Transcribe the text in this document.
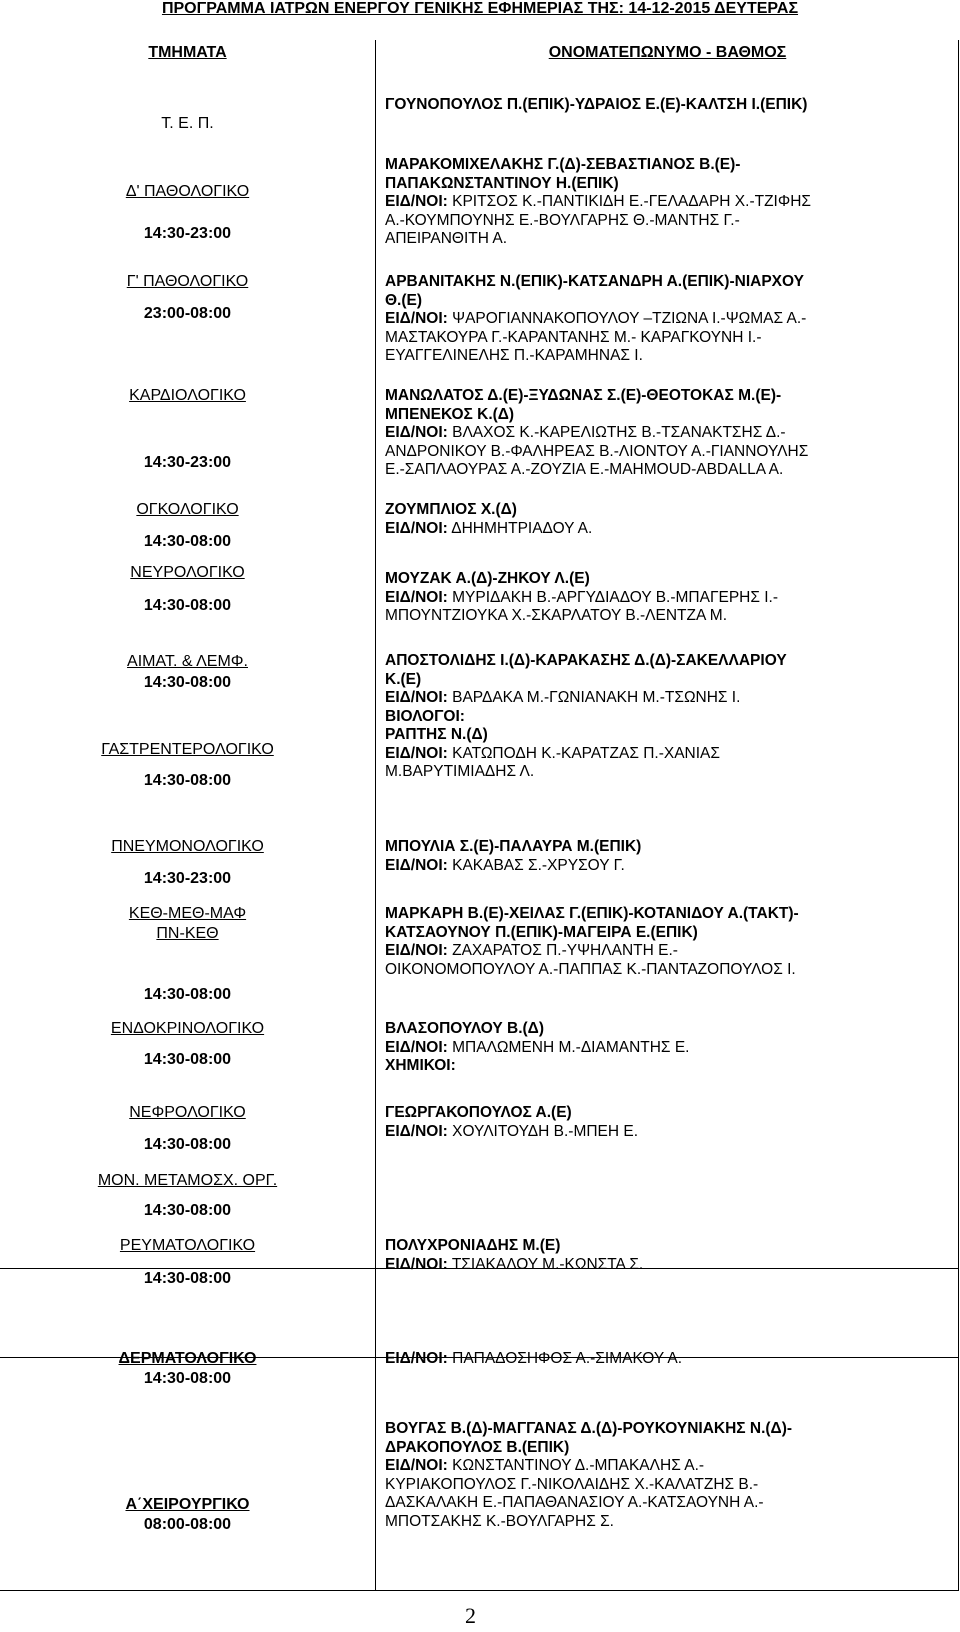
ΠΡΟΓΡΑΜΜΑ ΙΑΤΡΩΝ ΕΝΕΡΓΟΥ ΓΕΝΙΚΗΣ ΕΦΗΜΕΡΙΑΣ ΤΗΣ: 14-12-2015 ΔΕΥΤΕΡΑΣ
ΤΜΗΜΑΤΑ	ΟΝΟΜΑΤΕΠΩΝΥΜΟ - ΒΑΘΜΟΣ
Τ. Ε. Π.
Δ' ΠΑΘΟΛΟΓΙΚΟ
14:30-23:00
Γ' ΠΑΘΟΛΟΓΙΚΟ
23:00-08:00
ΚΑΡΔΙΟΛΟΓΙΚΟ
14:30-23:00
ΟΓΚΟΛΟΓΙΚΟ
14:30-08:00
ΝΕΥΡΟΛΟΓΙΚΟ
14:30-08:00
ΑΙΜΑΤ. & ΛΕΜΦ.
14:30-08:00
ΓΑΣΤΡΕΝΤΕΡΟΛΟΓΙΚΟ
14:30-08:00
ΠΝΕΥΜΟΝΟΛΟΓΙΚΟ
14:30-23:00
ΚΕΘ-ΜΕΘ-ΜΑΦ
ΠΝ-ΚΕΘ
14:30-08:00
ΕΝΔΟΚΡΙΝΟΛΟΓΙΚΟ
14:30-08:00
ΝΕΦΡΟΛΟΓΙΚΟ
14:30-08:00
ΜΟΝ. ΜΕΤΑΜΟΣΧ. ΟΡΓ.
14:30-08:00
ΡΕΥΜΑΤΟΛΟΓΙΚΟ
14:30-08:00
ΔΕΡΜΑΤΟΛΟΓΙΚΟ
14:30-08:00
Α΄ΧΕΙΡΟΥΡΓΙΚΟ
08:00-08:00
ΓΟΥΝΟΠΟΥΛΟΣ Π.(ΕΠΙΚ)-ΥΔΡΑΙΟΣ Ε.(Ε)-ΚΑΛΤΣΗ Ι.(ΕΠΙΚ)
ΜΑΡΑΚΟΜΙΧΕΛΑΚΗΣ Γ.(Δ)-ΣΕΒΑΣΤΙΑΝΟΣ Β.(Ε)-
ΠΑΠΑΚΩΝΣΤΑΝΤΙΝΟΥ Η.(ΕΠΙΚ)
ΕΙΔ/ΝΟΙ: ΚΡΙΤΣΟΣ Κ.-ΠΑΝΤΙΚΙΔΗ Ε.-ΓΕΛΑΔΑΡΗ Χ.-ΤΖΙΦΗΣ
Α.-ΚΟΥΜΠΟΥΝΗΣ Ε.-ΒΟΥΛΓΑΡΗΣ Θ.-ΜΑΝΤΗΣ Γ.-
ΑΠΕΙΡΑΝΘΙΤΗ Α.
ΑΡΒΑΝΙΤΑΚΗΣ Ν.(ΕΠΙΚ)-ΚΑΤΣΑΝΔΡΗ Α.(ΕΠΙΚ)-ΝΙΑΡΧΟΥ
Θ.(Ε)
ΕΙΔ/ΝΟΙ: ΨΑΡΟΓΙΑΝΝΑΚΟΠΟΥΛΟΥ –ΤΖΙΩΝΑ Ι.-ΨΩΜΑΣ Α.-
ΜΑΣΤΑΚΟΥΡΑ Γ.-ΚΑΡΑΝΤΑΝΗΣ Μ.- ΚΑΡΑΓΚΟΥΝΗ Ι.-
ΕΥΑΓΓΕΛΙΝΕΛΗΣ Π.-ΚΑΡΑΜΗΝΑΣ Ι.
ΜΑΝΩΛΑΤΟΣ Δ.(Ε)-ΞΥΔΩΝΑΣ Σ.(Ε)-ΘΕΟΤΟΚΑΣ Μ.(Ε)-
ΜΠΕΝΕΚΟΣ Κ.(Δ)
ΕΙΔ/ΝΟΙ: ΒΛΑΧΟΣ Κ.-ΚΑΡΕΛΙΩΤΗΣ Β.-ΤΣΑΝΑΚΤΣΗΣ Δ.-
ΑΝΔΡΟΝΙΚΟΥ Β.-ΦΑΛΗΡΕΑΣ Β.-ΛΙΟΝΤΟΥ Α.-ΓΙΑΝΝΟΥΛΗΣ
Ε.-ΣΑΠΛΑΟΥΡΑΣ Α.-ΖΟΥΖΙΑ Ε.-MAHMOUD-ABDALLA A.
ΖΟΥΜΠΛΙΟΣ Χ.(Δ)
ΕΙΔ/ΝΟΙ: ΔΗΗΜΗΤΡΙΑΔΟΥ Α.
ΜΟΥΖΑΚ Α.(Δ)-ΖΗΚΟΥ Λ.(Ε)
ΕΙΔ/ΝΟΙ: ΜΥΡΙΔΑΚΗ Β.-ΑΡΓΥΔΙΑΔΟΥ Β.-ΜΠΑΓΕΡΗΣ Ι.-
ΜΠΟΥΝΤΖΙΟΥΚΑ Χ.-ΣΚΑΡΛΑΤΟΥ Β.-ΛΕΝΤΖΑ Μ.
ΑΠΟΣΤΟΛΙΔΗΣ Ι.(Δ)-ΚΑΡΑΚΑΣΗΣ Δ.(Δ)-ΣΑΚΕΛΛΑΡΙΟΥ
Κ.(Ε)
ΕΙΔ/ΝΟΙ: ΒΑΡΔΑΚΑ Μ.-ΓΩΝΙΑΝΑΚΗ Μ.-ΤΣΩΝΗΣ Ι.
ΒΙΟΛΟΓΟΙ:
ΡΑΠΤΗΣ Ν.(Δ)
ΕΙΔ/ΝΟΙ: ΚΑΤΩΠΟΔΗ Κ.-ΚΑΡΑΤΖΑΣ Π.-ΧΑΝΙΑΣ
Μ.ΒΑΡΥΤΙΜΙΑΔΗΣ Λ.
ΜΠΟΥΛΙΑ Σ.(Ε)-ΠΑΛΑΥΡΑ Μ.(ΕΠΙΚ)
ΕΙΔ/ΝΟΙ: ΚΑΚΑΒΑΣ Σ.-ΧΡΥΣΟΥ Γ.
ΜΑΡΚΑΡΗ Β.(Ε)-ΧΕΙΛΑΣ Γ.(ΕΠΙΚ)-ΚΟΤΑΝΙΔΟΥ Α.(ΤΑΚΤ)-
ΚΑΤΣΑΟΥΝΟΥ Π.(ΕΠΙΚ)-ΜΑΓΕΙΡΑ Ε.(ΕΠΙΚ)
ΕΙΔ/ΝΟΙ: ΖΑΧΑΡΑΤΟΣ Π.-ΥΨΗΛΑΝΤΗ Ε.-
ΟΙΚΟΝΟΜΟΠΟΥΛΟΥ Α.-ΠΑΠΠΑΣ Κ.-ΠΑΝΤΑΖΟΠΟΥΛΟΣ Ι.
ΒΛΑΣΟΠΟΥΛΟΥ Β.(Δ)
ΕΙΔ/ΝΟΙ: ΜΠΑΛΩΜΕΝΗ Μ.-ΔΙΑΜΑΝΤΗΣ Ε.
ΧΗΜΙΚΟΙ:
ΓΕΩΡΓΑΚΟΠΟΥΛΟΣ Α.(Ε)
ΕΙΔ/ΝΟΙ: ΧΟΥΛΙΤΟΥΔΗ Β.-ΜΠΕΗ Ε.
ΠΟΛΥΧΡΟΝΙΑΔΗΣ Μ.(Ε)
ΕΙΔ/ΝΟΙ: ΤΣΙΑΚΑΛΟΥ Μ.-ΚΩΝΣΤΑ Σ.
ΕΙΔ/ΝΟΙ: ΠΑΠΑΔΟΣΗΦΟΣ Α.-ΣΙΜΑΚΟΥ Α.
ΒΟΥΓΑΣ Β.(Δ)-ΜΑΓΓΑΝΑΣ Δ.(Δ)-ΡΟΥΚΟΥΝΙΑΚΗΣ Ν.(Δ)-
ΔΡΑΚΟΠΟΥΛΟΣ Β.(ΕΠΙΚ)
ΕΙΔ/ΝΟΙ: ΚΩΝΣΤΑΝΤΙΝΟΥ Δ.-ΜΠΑΚΑΛΗΣ Α.-
ΚΥΡΙΑΚΟΠΟΥΛΟΣ Γ.-ΝΙΚΟΛΑΙΔΗΣ Χ.-ΚΑΛΑΤΖΗΣ Β.-
ΔΑΣΚΑΛΑΚΗ Ε.-ΠΑΠΑΘΑΝΑΣΙΟΥ Α.-ΚΑΤΣΑΟΥΝΗ Α.-
ΜΠΟΤΣΑΚΗΣ Κ.-ΒΟΥΛΓΑΡΗΣ Σ.
2
